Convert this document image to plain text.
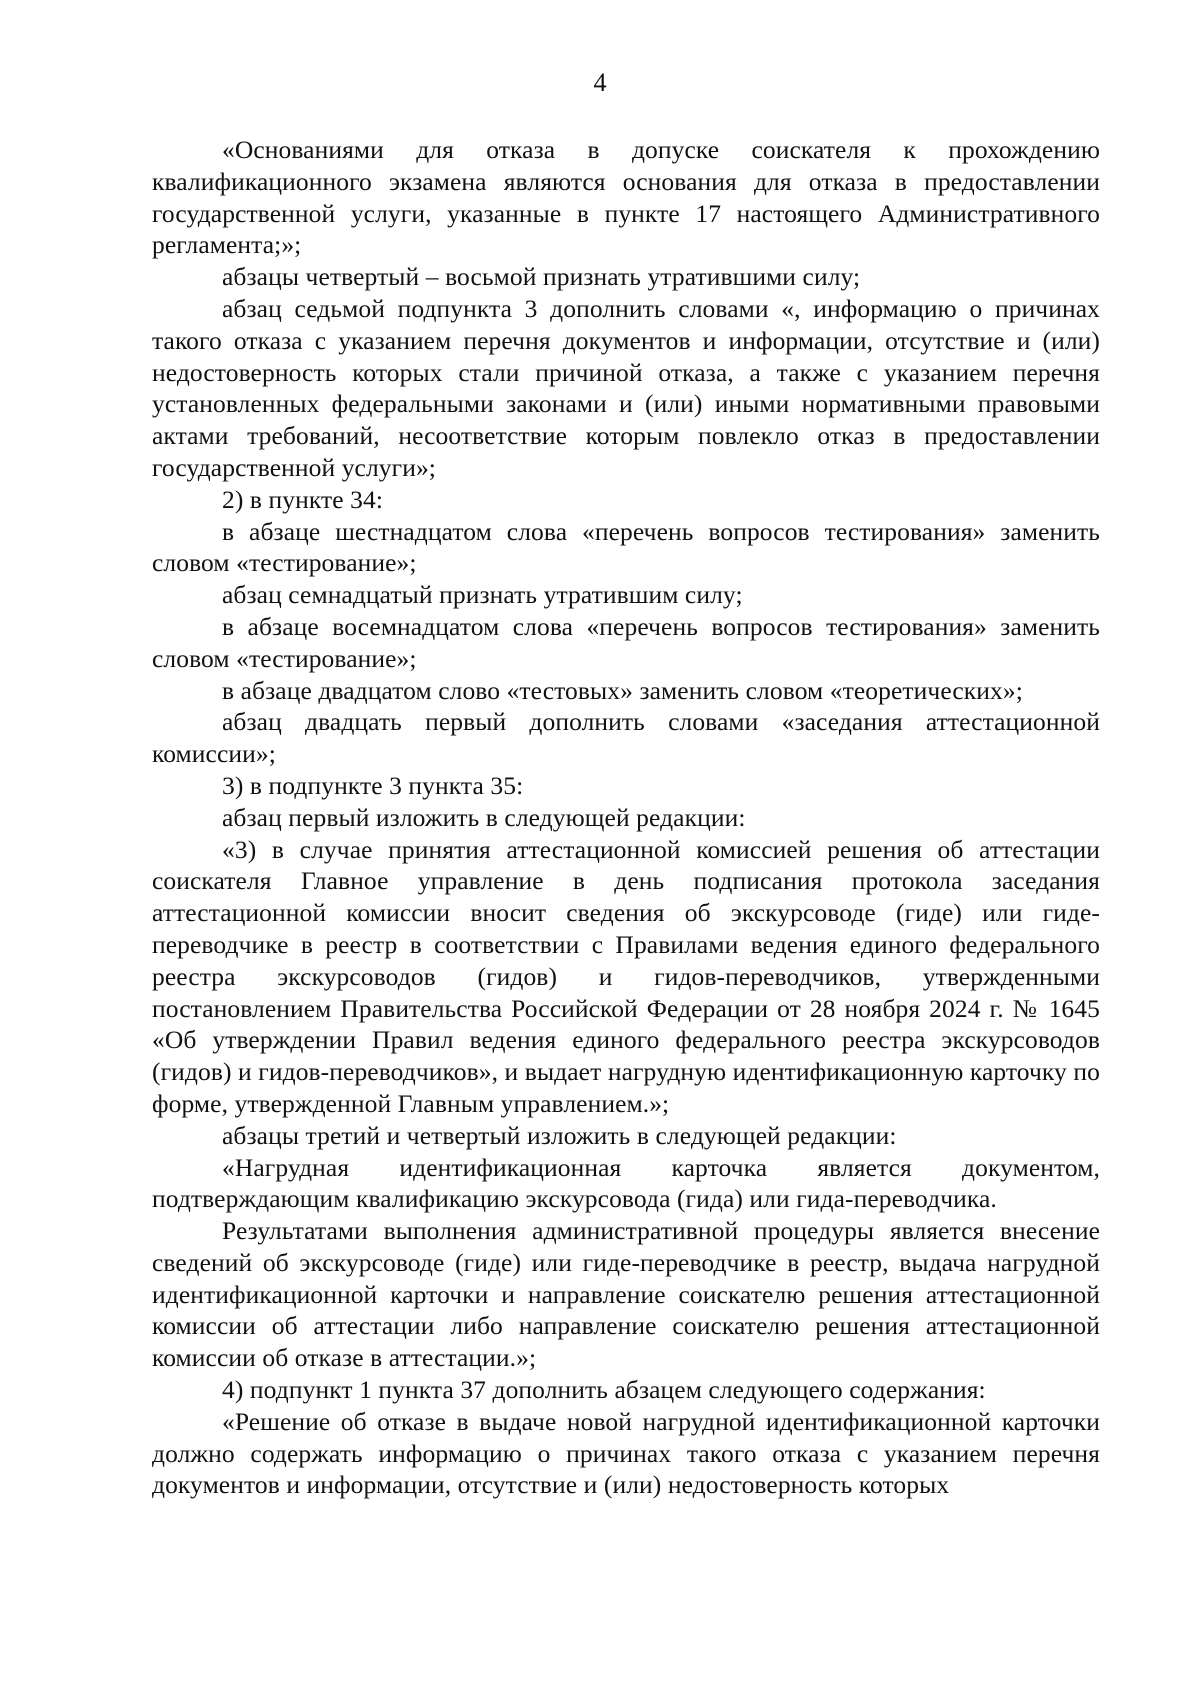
4

«Основаниями для отказа в допуске соискателя к прохождению квалификационного экзамена являются основания для отказа в предоставлении государственной услуги, указанные в пункте 17 настоящего Административного регламента;»;

абзацы четвертый – восьмой признать утратившими силу;

абзац седьмой подпункта 3 дополнить словами «, информацию о причинах такого отказа с указанием перечня документов и информации, отсутствие и (или) недостоверность которых стали причиной отказа, а также с указанием перечня установленных федеральными законами и (или) иными нормативными правовыми актами требований, несоответствие которым повлекло отказ в предоставлении государственной услуги»;

2) в пункте 34:

в абзаце шестнадцатом слова «перечень вопросов тестирования» заменить словом «тестирование»;

абзац семнадцатый признать утратившим силу;

в абзаце восемнадцатом слова «перечень вопросов тестирования» заменить словом «тестирование»;

в абзаце двадцатом слово «тестовых» заменить словом «теоретических»;

абзац двадцать первый дополнить словами «заседания аттестационной комиссии»;

3) в подпункте 3 пункта 35:

абзац первый изложить в следующей редакции:

«3) в случае принятия аттестационной комиссией решения об аттестации соискателя Главное управление в день подписания протокола заседания аттестационной комиссии вносит сведения об экскурсоводе (гиде) или гиде-переводчике в реестр в соответствии с Правилами ведения единого федерального реестра экскурсоводов (гидов) и гидов-переводчиков, утвержденными постановлением Правительства Российской Федерации от 28 ноября 2024 г. № 1645 «Об утверждении Правил ведения единого федерального реестра экскурсоводов (гидов) и гидов-переводчиков», и выдает нагрудную идентификационную карточку по форме, утвержденной Главным управлением.»;

абзацы третий и четвертый изложить в следующей редакции:

«Нагрудная идентификационная карточка является документом, подтверждающим квалификацию экскурсовода (гида) или гида-переводчика.

Результатами выполнения административной процедуры является внесение сведений об экскурсоводе (гиде) или гиде-переводчике в реестр, выдача нагрудной идентификационной карточки и направление соискателю решения аттестационной комиссии об аттестации либо направление соискателю решения аттестационной комиссии об отказе в аттестации.»;

4) подпункт 1 пункта 37 дополнить абзацем следующего содержания:

«Решение об отказе в выдаче новой нагрудной идентификационной карточки должно содержать информацию о причинах такого отказа с указанием перечня документов и информации, отсутствие и (или) недостоверность которых
